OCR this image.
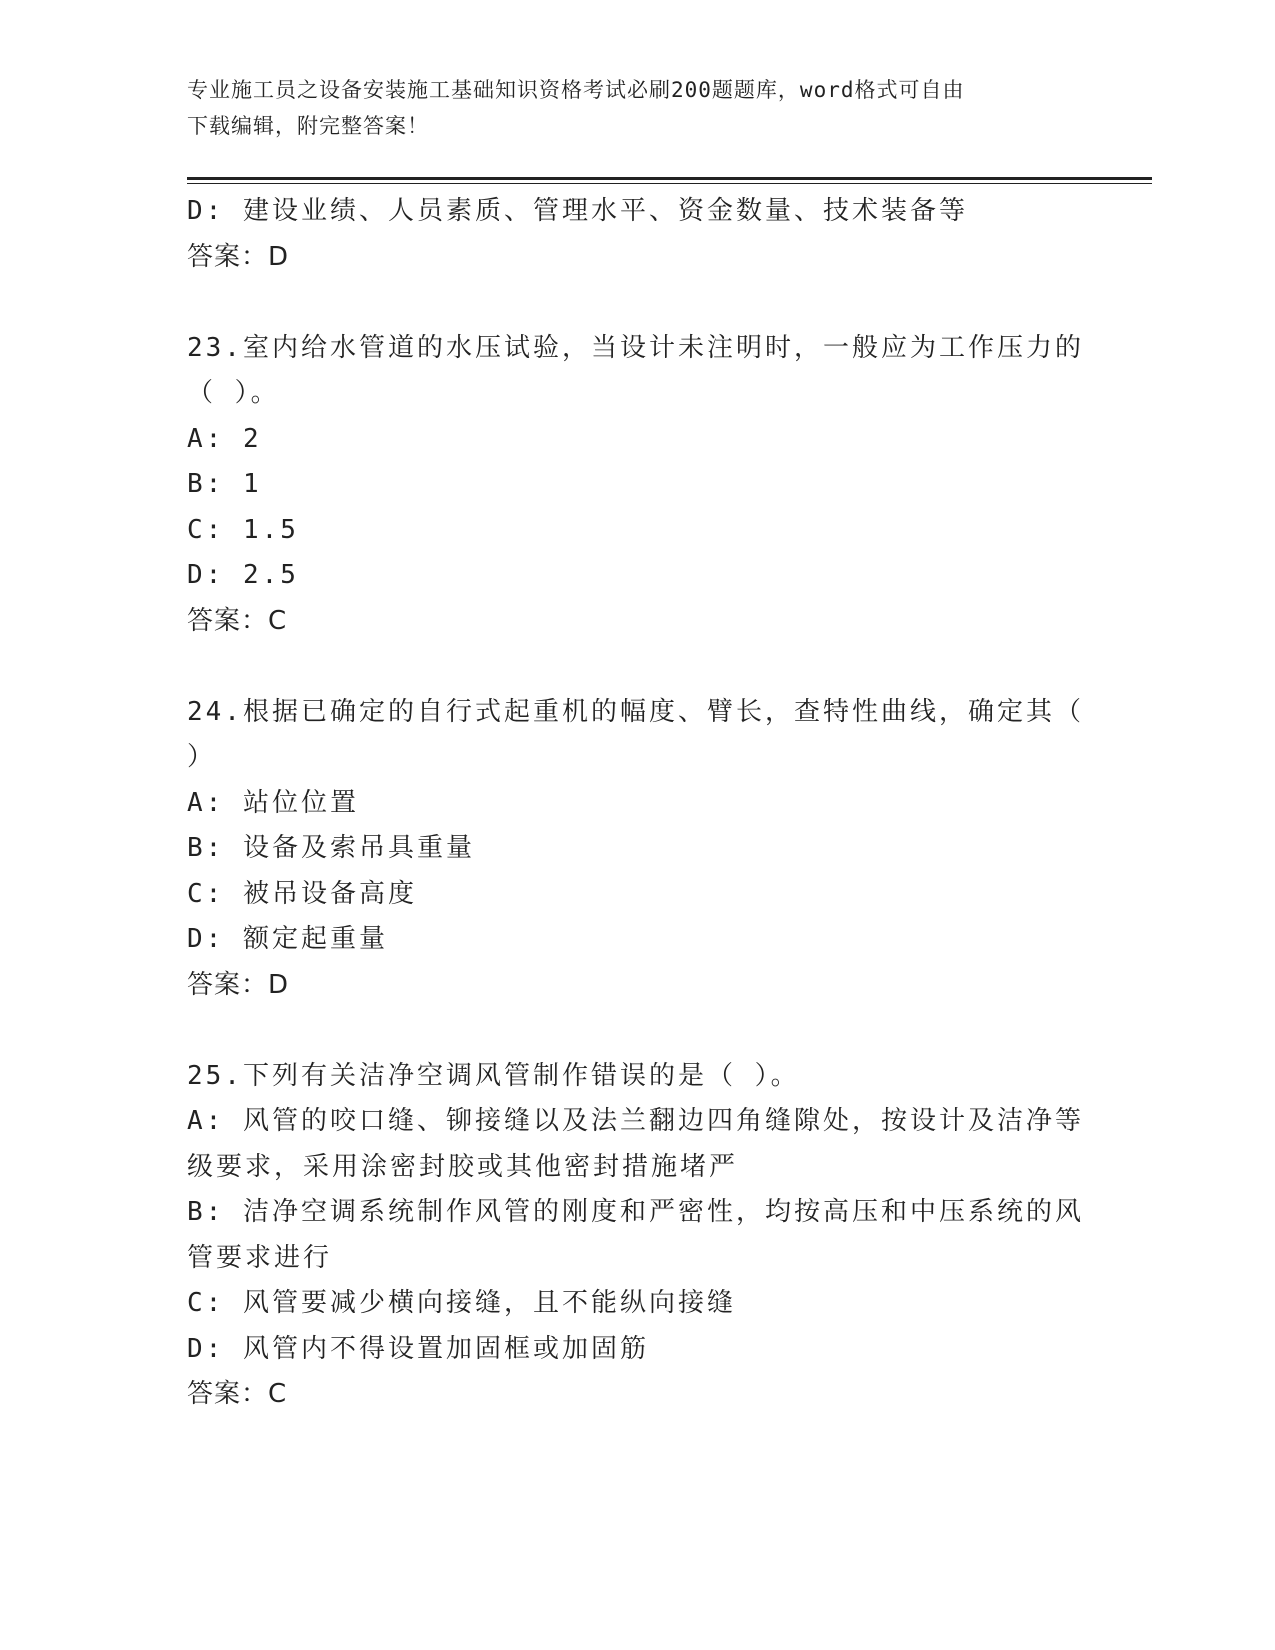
专业施工员之设备安装施工基础知识资格考试必刷200题题库，word格式可自由
下载编辑，附完整答案！
D: 建设业绩、人员素质、管理水平、资金数量、技术装备等
答案：D
23.室内给水管道的水压试验，当设计未注明时，一般应为工作压力的
（ ）。
A: 2
B: 1
C: 1.5
D: 2.5
答案：C
24.根据已确定的自行式起重机的幅度、臂长，查特性曲线，确定其（
）
A: 站位位置
B: 设备及索吊具重量
C: 被吊设备高度
D: 额定起重量
答案：D
25.下列有关洁净空调风管制作错误的是（ ）。
A: 风管的咬口缝、铆接缝以及法兰翻边四角缝隙处，按设计及洁净等
级要求，采用涂密封胶或其他密封措施堵严
B: 洁净空调系统制作风管的刚度和严密性，均按高压和中压系统的风
管要求进行
C: 风管要减少横向接缝，且不能纵向接缝
D: 风管内不得设置加固框或加固筋
答案：C
